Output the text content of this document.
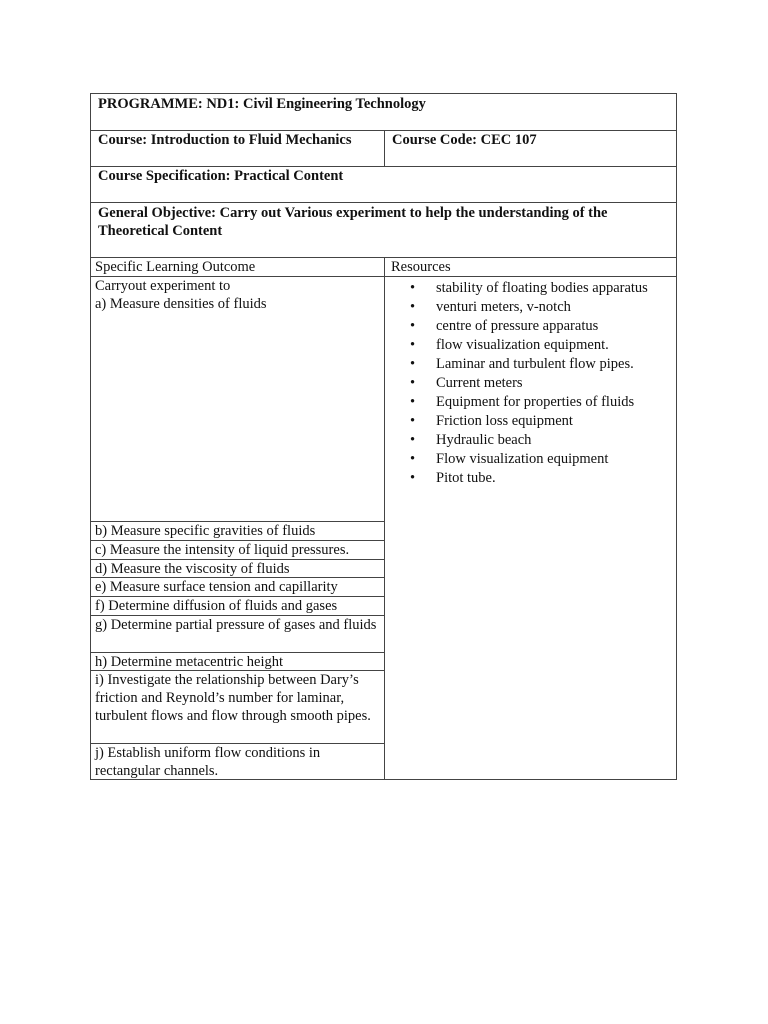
PROGRAMME: ND1: Civil Engineering Technology
Course: Introduction to Fluid Mechanics	Course Code: CEC 107
Course Specification: Practical Content
General Objective: Carry out Various experiment to help the understanding of the Theoretical Content
Specific Learning Outcome
Carryout experiment to
a) Measure densities of fluids
b) Measure specific gravities of fluids
c) Measure the intensity of liquid pressures.
d) Measure the viscosity of fluids
e) Measure surface tension and capillarity
f) Determine diffusion of fluids and gases
g) Determine partial pressure of gases and fluids
h) Determine metacentric height
i) Investigate the relationship between Dary’s friction and Reynold’s number for laminar, turbulent flows and flow through smooth pipes.
j) Establish uniform flow conditions in rectangular channels.
Resources
• stability of floating bodies apparatus
• venturi meters, v-notch
• centre of pressure apparatus
• flow visualization equipment.
• Laminar and turbulent flow pipes.
• Current meters
• Equipment for properties of fluids
• Friction loss equipment
• Hydraulic beach
• Flow visualization equipment
• Pitot tube.
